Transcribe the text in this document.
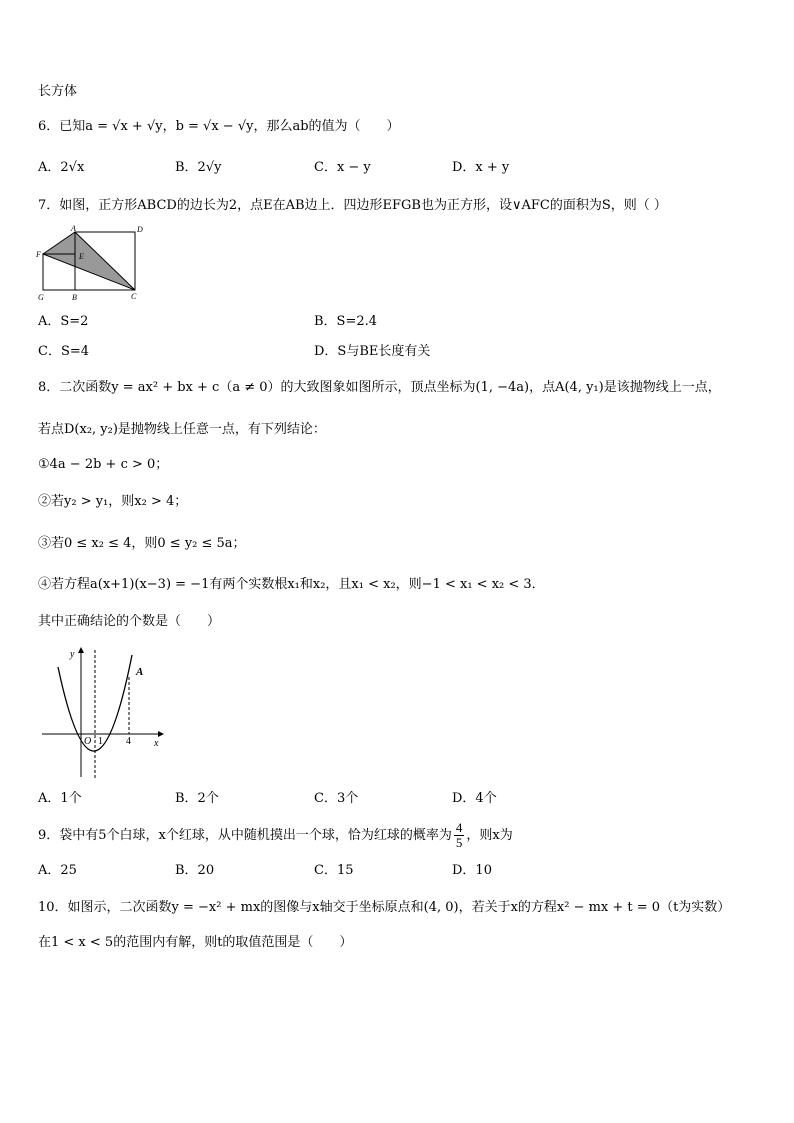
长方体
6．已知a = √x + √y，b = √x − √y，那么ab的值为（　　）
A．2√x	B．2√y	C．x − y	D．x + y
7．如图，正方形ABCD的边长为2，点E在AB边上．四边形EFGB也为正方形，设∨AFC的面积为S，则（ ）
A	D
F	E
G	B	C
A．S=2	B．S=2.4
C．S=4	D．S与BE长度有关
8．二次函数y = ax² + bx + c（a ≠ 0）的大致图象如图所示，顶点坐标为(1, −4a)，点A(4, y₁)是该抛物线上一点，
若点D(x₂, y₂)是抛物线上任意一点，有下列结论：
①4a − 2b + c > 0；
②若y₂ > y₁，则x₂ > 4；
③若0 ≤ x₂ ≤ 4，则0 ≤ y₂ ≤ 5a；
④若方程a(x+1)(x−3) = −1有两个实数根x₁和x₂，且x₁ < x₂，则−1 < x₁ < x₂ < 3．
其中正确结论的个数是（　　）
y
x
O 1 4
A
A．1个	B．2个	C．3个	D．4个
9．袋中有5个白球，x个红球，从中随机摸出一个球，恰为红球的概率为 $\frac{4}{5}$ ，则x为
A．25	B．20	C．15	D．10
10．如图示，二次函数y = −x² + mx的图像与x轴交于坐标原点和(4, 0)，若关于x的方程x² − mx + t = 0（t为实数）
在1 < x < 5的范围内有解，则t的取值范围是（　　）
